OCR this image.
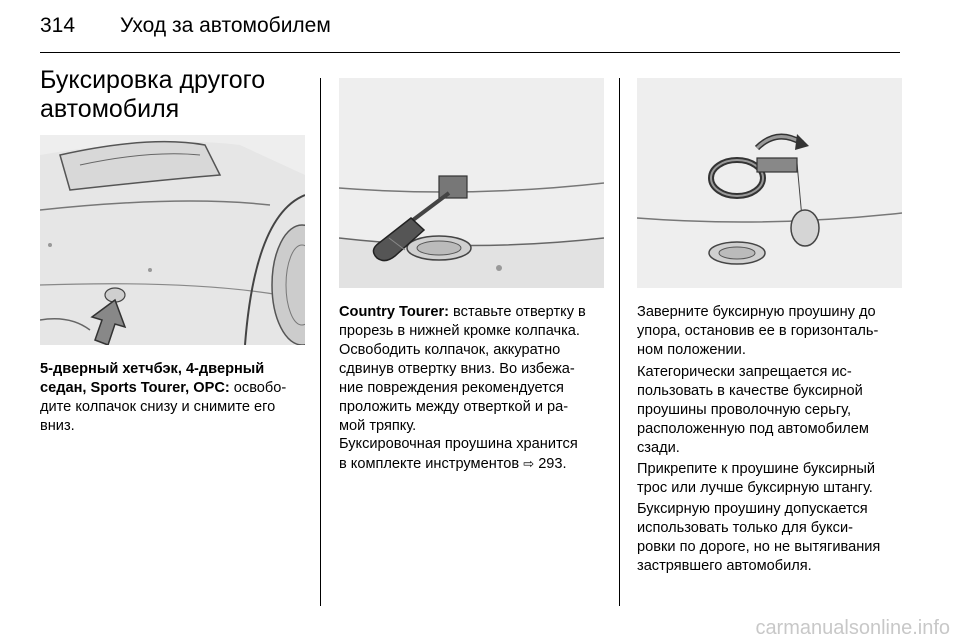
314 Уход за автомобилем
Буксировка другого
автомобиля

5-дверный хетчбэк, 4-дверный
седан, Sports Tourer, OPC: освобо-
дите колпачок снизу и снимите его
вниз.

Country Tourer: вставьте отвертку в
прорезь в нижней кромке колпачка.
Освободить колпачок, аккуратно
сдвинув отвертку вниз. Во избежа-
ние повреждения рекомендуется
проложить между отверткой и ра-
мой тряпку.

Буксировочная проушина хранится
в комплекте инструментов ⇨ 293.

Заверните буксирную проушину до
упора, остановив ее в горизонталь-
ном положении.

Категорически запрещается ис-
пользовать в качестве буксирной
проушины проволочную серьгу,
расположенную под автомобилем
сзади.

Прикрепите к проушине буксирный
трос или лучше буксирную штангу.

Буксирную проушину допускается
использовать только для букси-
ровки по дороге, но не вытягивания
застрявшего автомобиля.

carmanualsonline.info
